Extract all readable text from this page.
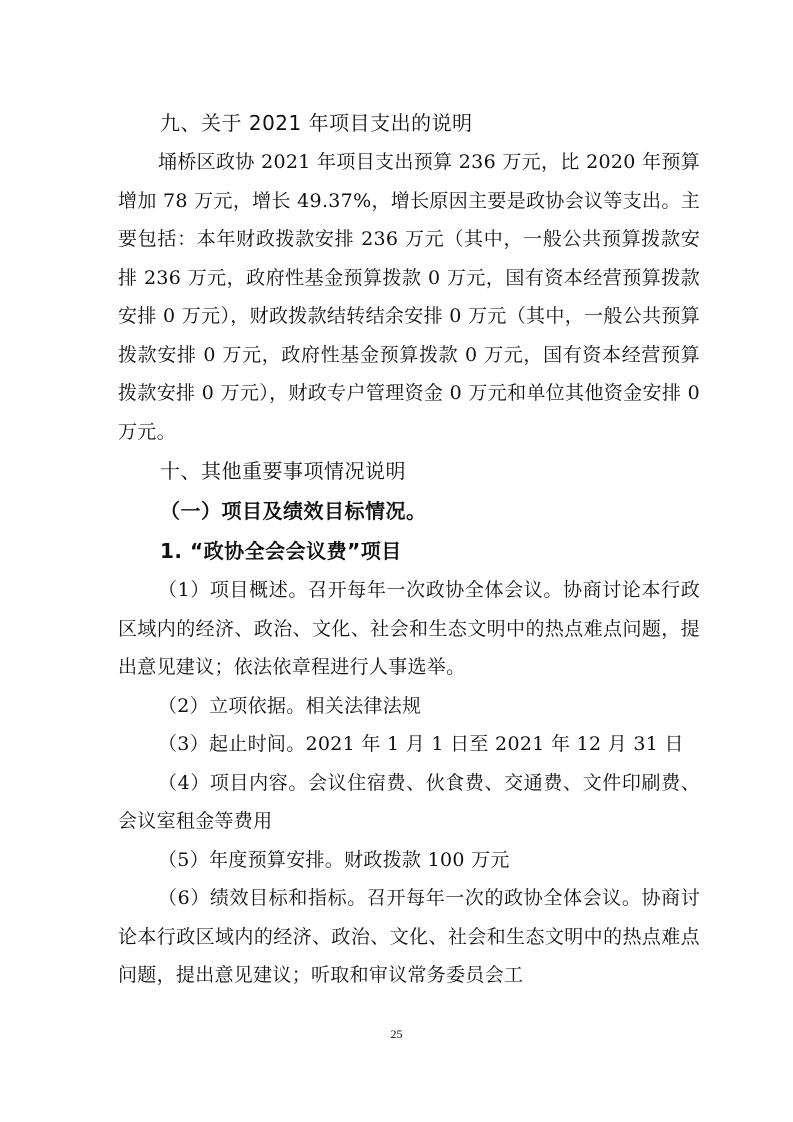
九、关于 2021 年项目支出的说明
埇桥区政协 2021 年项目支出预算 236 万元，比 2020 年预算增加 78 万元，增长 49.37%，增长原因主要是政协会议等支出。主要包括：本年财政拨款安排 236 万元（其中，一般公共预算拨款安排 236 万元，政府性基金预算拨款 0 万元，国有资本经营预算拨款安排 0 万元），财政拨款结转结余安排 0 万元（其中，一般公共预算拨款安排 0 万元，政府性基金预算拨款 0 万元，国有资本经营预算拨款安排 0 万元），财政专户管理资金 0 万元和单位其他资金安排 0 万元。
十、其他重要事项情况说明
（一）项目及绩效目标情况。
1. “政协全会会议费”项目
（1）项目概述。召开每年一次政协全体会议。协商讨论本行政区域内的经济、政治、文化、社会和生态文明中的热点难点问题，提出意见建议；依法依章程进行人事选举。
（2）立项依据。相关法律法规
（3）起止时间。2021 年 1 月 1 日至 2021 年 12 月 31 日
（4）项目内容。会议住宿费、伙食费、交通费、文件印刷费、会议室租金等费用
（5）年度预算安排。财政拨款 100 万元
（6）绩效目标和指标。召开每年一次的政协全体会议。协商讨论本行政区域内的经济、政治、文化、社会和生态文明中的热点难点问题，提出意见建议；听取和审议常务委员会工
25
